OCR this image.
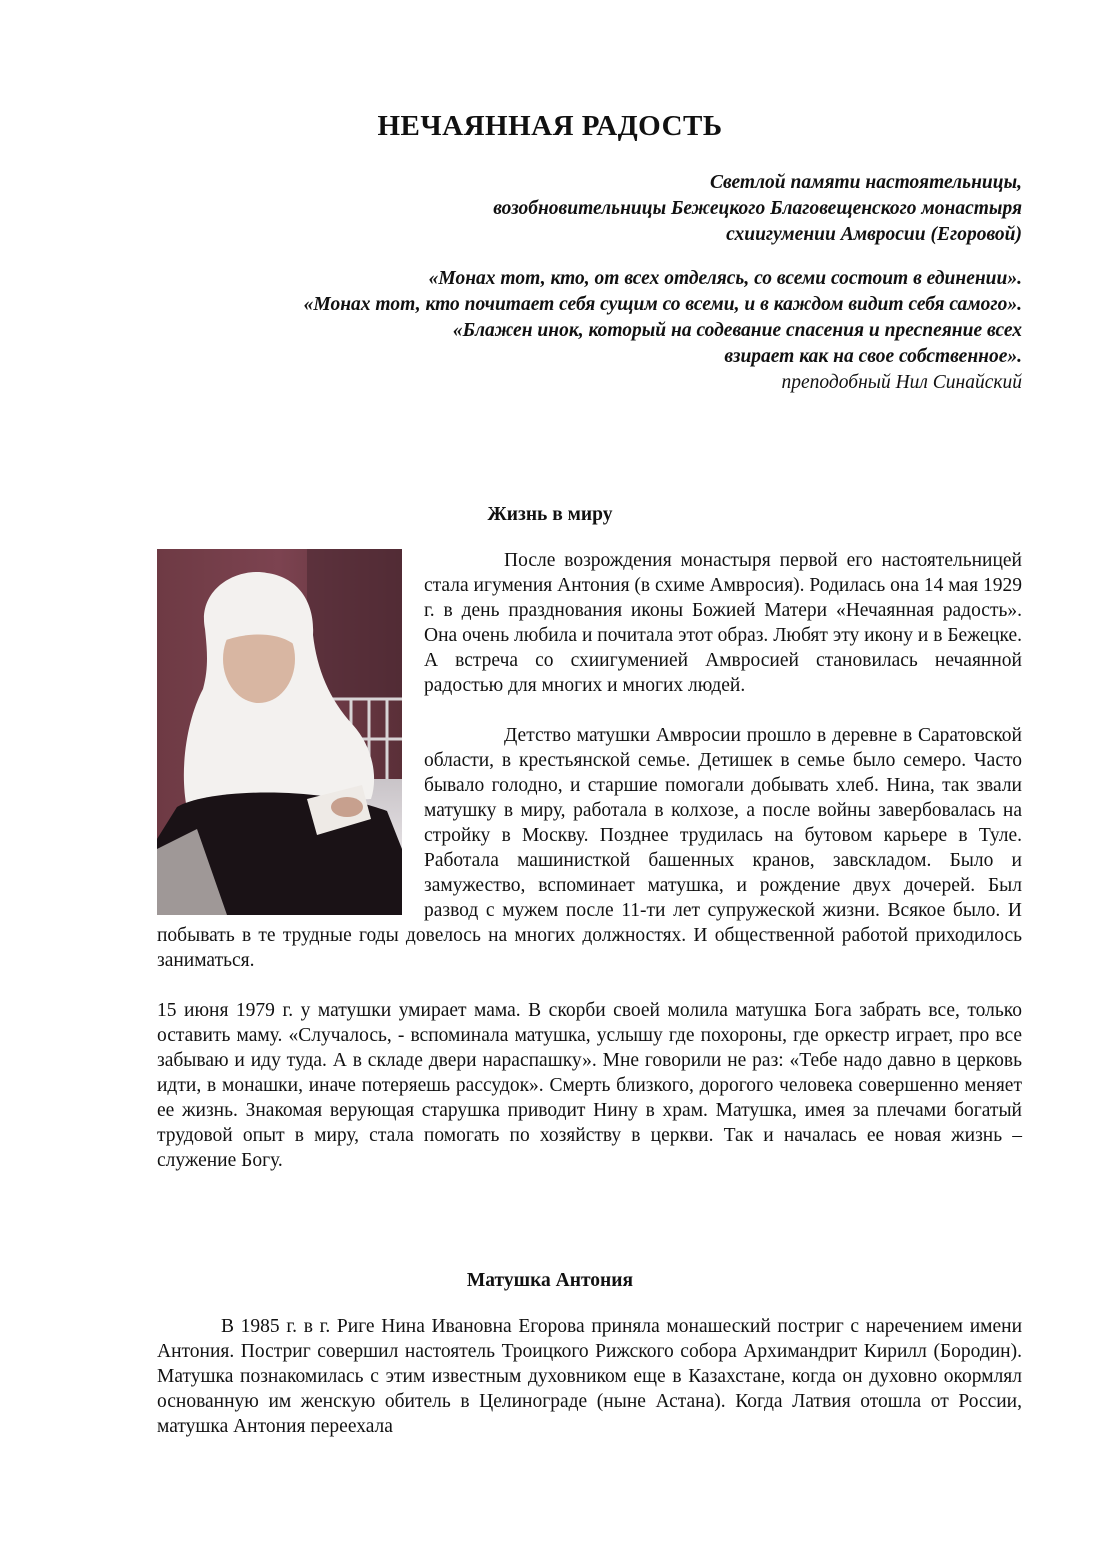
НЕЧАЯННАЯ РАДОСТЬ
Светлой памяти настоятельницы,
возобновительницы Бежецкого Благовещенского монастыря
схиигумении Амвросии (Егоровой)
«Монах тот, кто, от всех отделясь, со всеми состоит в единении».
«Монах тот, кто почитает себя сущим со всеми, и в каждом видит себя самого».
«Блажен инок, который на содевание спасения и преспеяние всех
взирает как на свое собственное».
преподобный Нил Синайский
Жизнь в миру

После возрождения монастыря первой его настоятельницей стала игумения Антония (в схиме Амвросия). Родилась она 14 мая 1929 г. в день празднования иконы Божией Матери «Нечаянная радость». Она очень любила и почитала этот образ. Любят эту икону и в Бежецке. А встреча со схиигуменией Амвросией становилась нечаянной радостью для многих и многих людей.

Детство матушки Амвросии прошло в деревне в Саратовской области, в крестьянской семье. Детишек в семье было семеро. Часто бывало голодно, и старшие помогали добывать хлеб. Нина, так звали матушку в миру, работала в колхозе, а после войны завербовалась на стройку в Москву. Позднее трудилась на бутовом карьере в Туле. Работала машинисткой башенных кранов, завскладом. Было и замужество, вспоминает матушка, и рождение двух дочерей. Был развод с мужем после 11-ти лет супружеской жизни. Всякое было. И побывать в те трудные годы довелось на многих должностях. И общественной работой приходилось заниматься.

15 июня 1979 г. у матушки умирает мама. В скорби своей молила матушка Бога забрать все, только оставить маму. «Случалось, - вспоминала матушка, услышу где похороны, где оркестр играет, про все забываю и иду туда. А в складе двери нараспашку». Мне говорили не раз: «Тебе надо давно в церковь идти, в монашки, иначе потеряешь рассудок». Смерть близкого, дорогого человека совершенно меняет ее жизнь. Знакомая верующая старушка приводит Нину в храм. Матушка, имея за плечами богатый трудовой опыт в миру, стала помогать по хозяйству в церкви. Так и началась ее новая жизнь – служение Богу.

Матушка Антония

В 1985 г. в г. Риге Нина Ивановна Егорова приняла монашеский постриг с наречением имени Антония. Постриг совершил настоятель Троицкого Рижского собора Архимандрит Кирилл (Бородин). Матушка познакомилась с этим известным духовником еще в Казахстане, когда он духовно окормлял основанную им женскую обитель в Целинограде (ныне Астана). Когда Латвия отошла от России, матушка Антония переехала
